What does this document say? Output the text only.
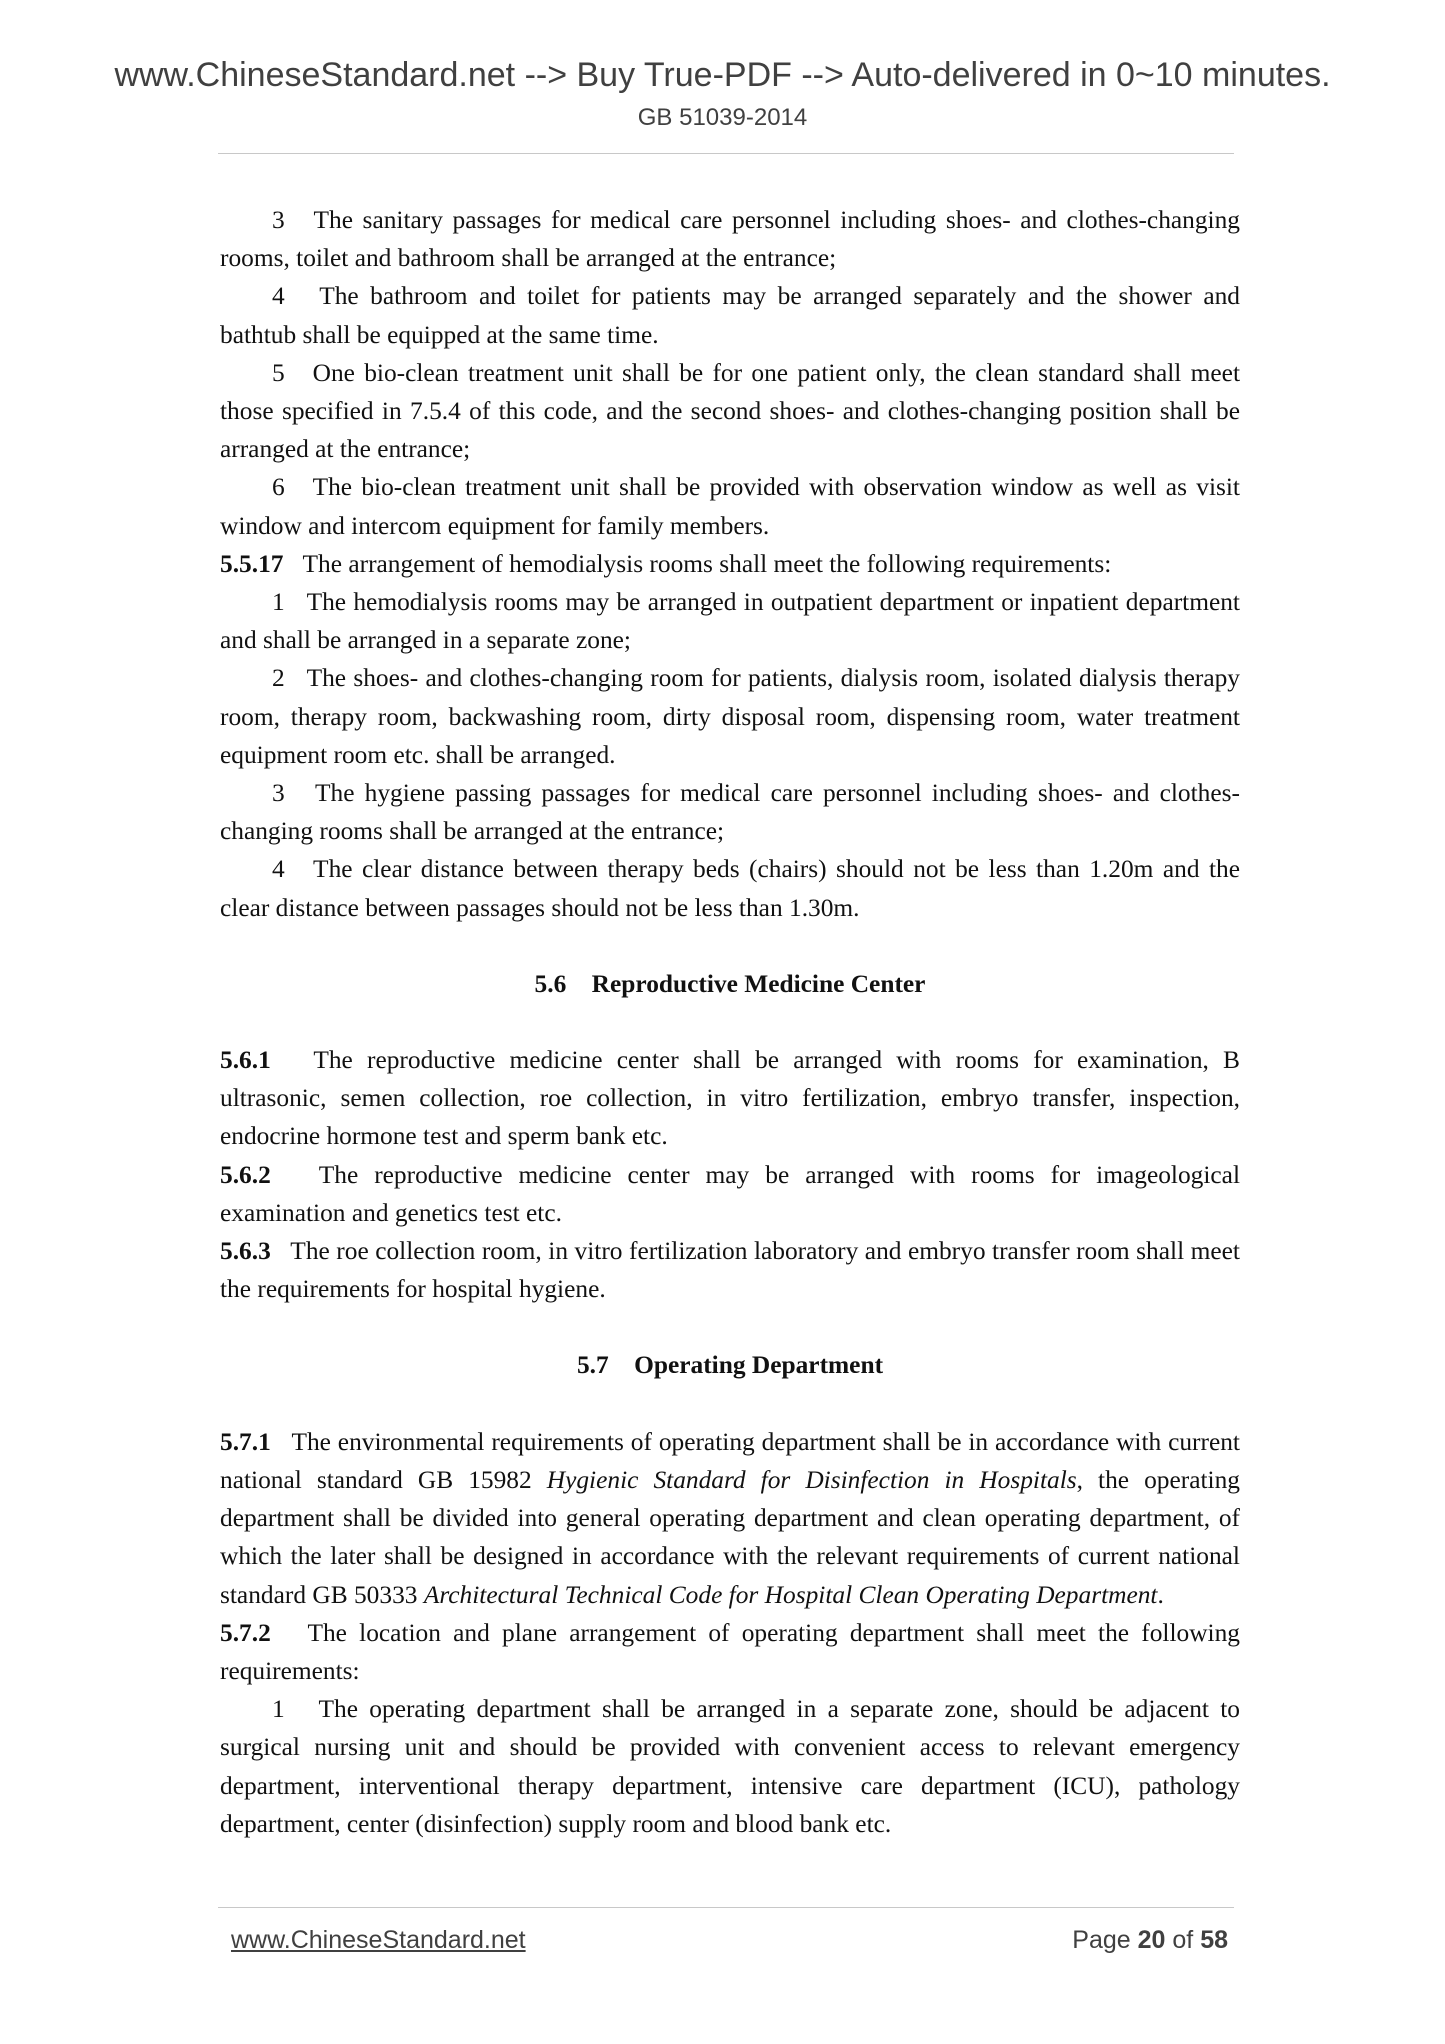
www.ChineseStandard.net --> Buy True-PDF --> Auto-delivered in 0~10 minutes.
GB 51039-2014

3   The sanitary passages for medical care personnel including shoes- and clothes-changing rooms, toilet and bathroom shall be arranged at the entrance;

4   The bathroom and toilet for patients may be arranged separately and the shower and bathtub shall be equipped at the same time.

5   One bio-clean treatment unit shall be for one patient only, the clean standard shall meet those specified in 7.5.4 of this code, and the second shoes- and clothes-changing position shall be arranged at the entrance;

6   The bio-clean treatment unit shall be provided with observation window as well as visit window and intercom equipment for family members.

5.5.17   The arrangement of hemodialysis rooms shall meet the following requirements:

1   The hemodialysis rooms may be arranged in outpatient department or inpatient department and shall be arranged in a separate zone;

2   The shoes- and clothes-changing room for patients, dialysis room, isolated dialysis therapy room, therapy room, backwashing room, dirty disposal room, dispensing room, water treatment equipment room etc. shall be arranged.

3   The hygiene passing passages for medical care personnel including shoes- and clothes-changing rooms shall be arranged at the entrance;

4   The clear distance between therapy beds (chairs) should not be less than 1.20m and the clear distance between passages should not be less than 1.30m.

5.6    Reproductive Medicine Center

5.6.1   The reproductive medicine center shall be arranged with rooms for examination, B ultrasonic, semen collection, roe collection, in vitro fertilization, embryo transfer, inspection, endocrine hormone test and sperm bank etc.

5.6.2   The reproductive medicine center may be arranged with rooms for imageological examination and genetics test etc.

5.6.3   The roe collection room, in vitro fertilization laboratory and embryo transfer room shall meet the requirements for hospital hygiene.

5.7    Operating Department

5.7.1   The environmental requirements of operating department shall be in accordance with current national standard GB 15982 Hygienic Standard for Disinfection in Hospitals, the operating department shall be divided into general operating department and clean operating department, of which the later shall be designed in accordance with the relevant requirements of current national standard GB 50333 Architectural Technical Code for Hospital Clean Operating Department.

5.7.2   The location and plane arrangement of operating department shall meet the following requirements:

1   The operating department shall be arranged in a separate zone, should be adjacent to surgical nursing unit and should be provided with convenient access to relevant emergency department, interventional therapy department, intensive care department (ICU), pathology department, center (disinfection) supply room and blood bank etc.

www.ChineseStandard.net	Page 20 of 58
